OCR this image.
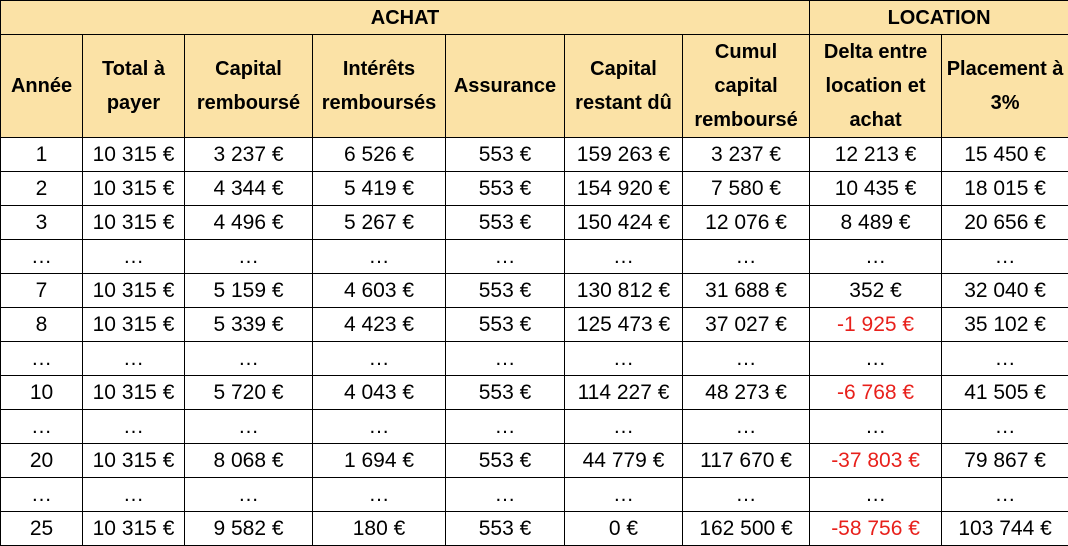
ACHAT							LOCATION	
Année	Total à payer	Capital remboursé	Intérêts remboursés	Assurance	Capital restant dû	Cumul capital remboursé	Delta entre location et achat	Placement à 3%
1	10 315 €	3 237 €	6 526 €	553 €	159 263 €	3 237 €	12 213 €	15 450 €
2	10 315 €	4 344 €	5 419 €	553 €	154 920 €	7 580 €	10 435 €	18 015 €
3	10 315 €	4 496 €	5 267 €	553 €	150 424 €	12 076 €	8 489 €	20 656 €
…	…	…	…	…	…	…	…	…
7	10 315 €	5 159 €	4 603 €	553 €	130 812 €	31 688 €	352 €	32 040 €
8	10 315 €	5 339 €	4 423 €	553 €	125 473 €	37 027 €	-1 925 €	35 102 €
…	…	…	…	…	…	…	…	…
10	10 315 €	5 720 €	4 043 €	553 €	114 227 €	48 273 €	-6 768 €	41 505 €
…	…	…	…	…	…	…	…	…
20	10 315 €	8 068 €	1 694 €	553 €	44 779 €	117 670 €	-37 803 €	79 867 €
…	…	…	…	…	…	…	…	…
25	10 315 €	9 582 €	180 €	553 €	0 €	162 500 €	-58 756 €	103 744 €
